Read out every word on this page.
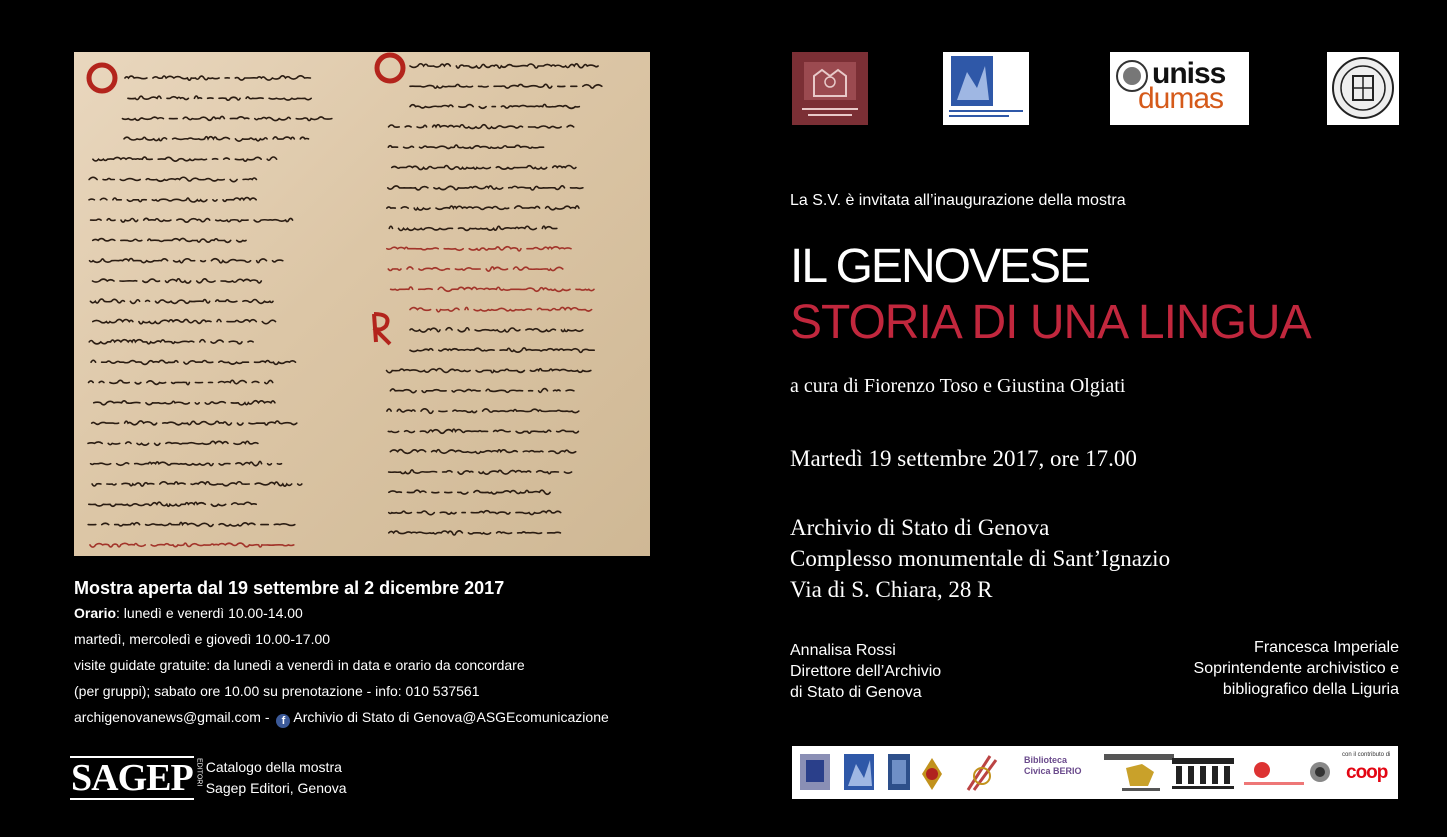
Mostra aperta dal 19 settembre al 2 dicembre 2017
Orario: lunedì e venerdì 10.00-14.00
martedì, mercoledì e giovedì 10.00-17.00
visite guidate gratuite: da lunedì a venerdì in data e orario da concordare
(per gruppi); sabato ore 10.00 su prenotazione - info: 010 537561
archigenovanews@gmail.com - f Archivio di Stato di Genova@ASGEcomunicazione
SAGEP EDITORI Catalogo della mostra
Sagep Editori, Genova
uniss
dumas
La S.V. è invitata all’inaugurazione della mostra
IL GENOVESE
STORIA DI UNA LINGUA
a cura di Fiorenzo Toso e Giustina Olgiati
Martedì 19 settembre 2017, ore 17.00
Archivio di Stato di Genova
Complesso monumentale di Sant’Ignazio
Via di S. Chiara, 28 R
Annalisa Rossi
Direttore dell’Archivio
di Stato di Genova
Francesca Imperiale
Soprintendente archivistico e
bibliografico della Liguria
Biblioteca Civica BERIO
con il contributo di
coop
